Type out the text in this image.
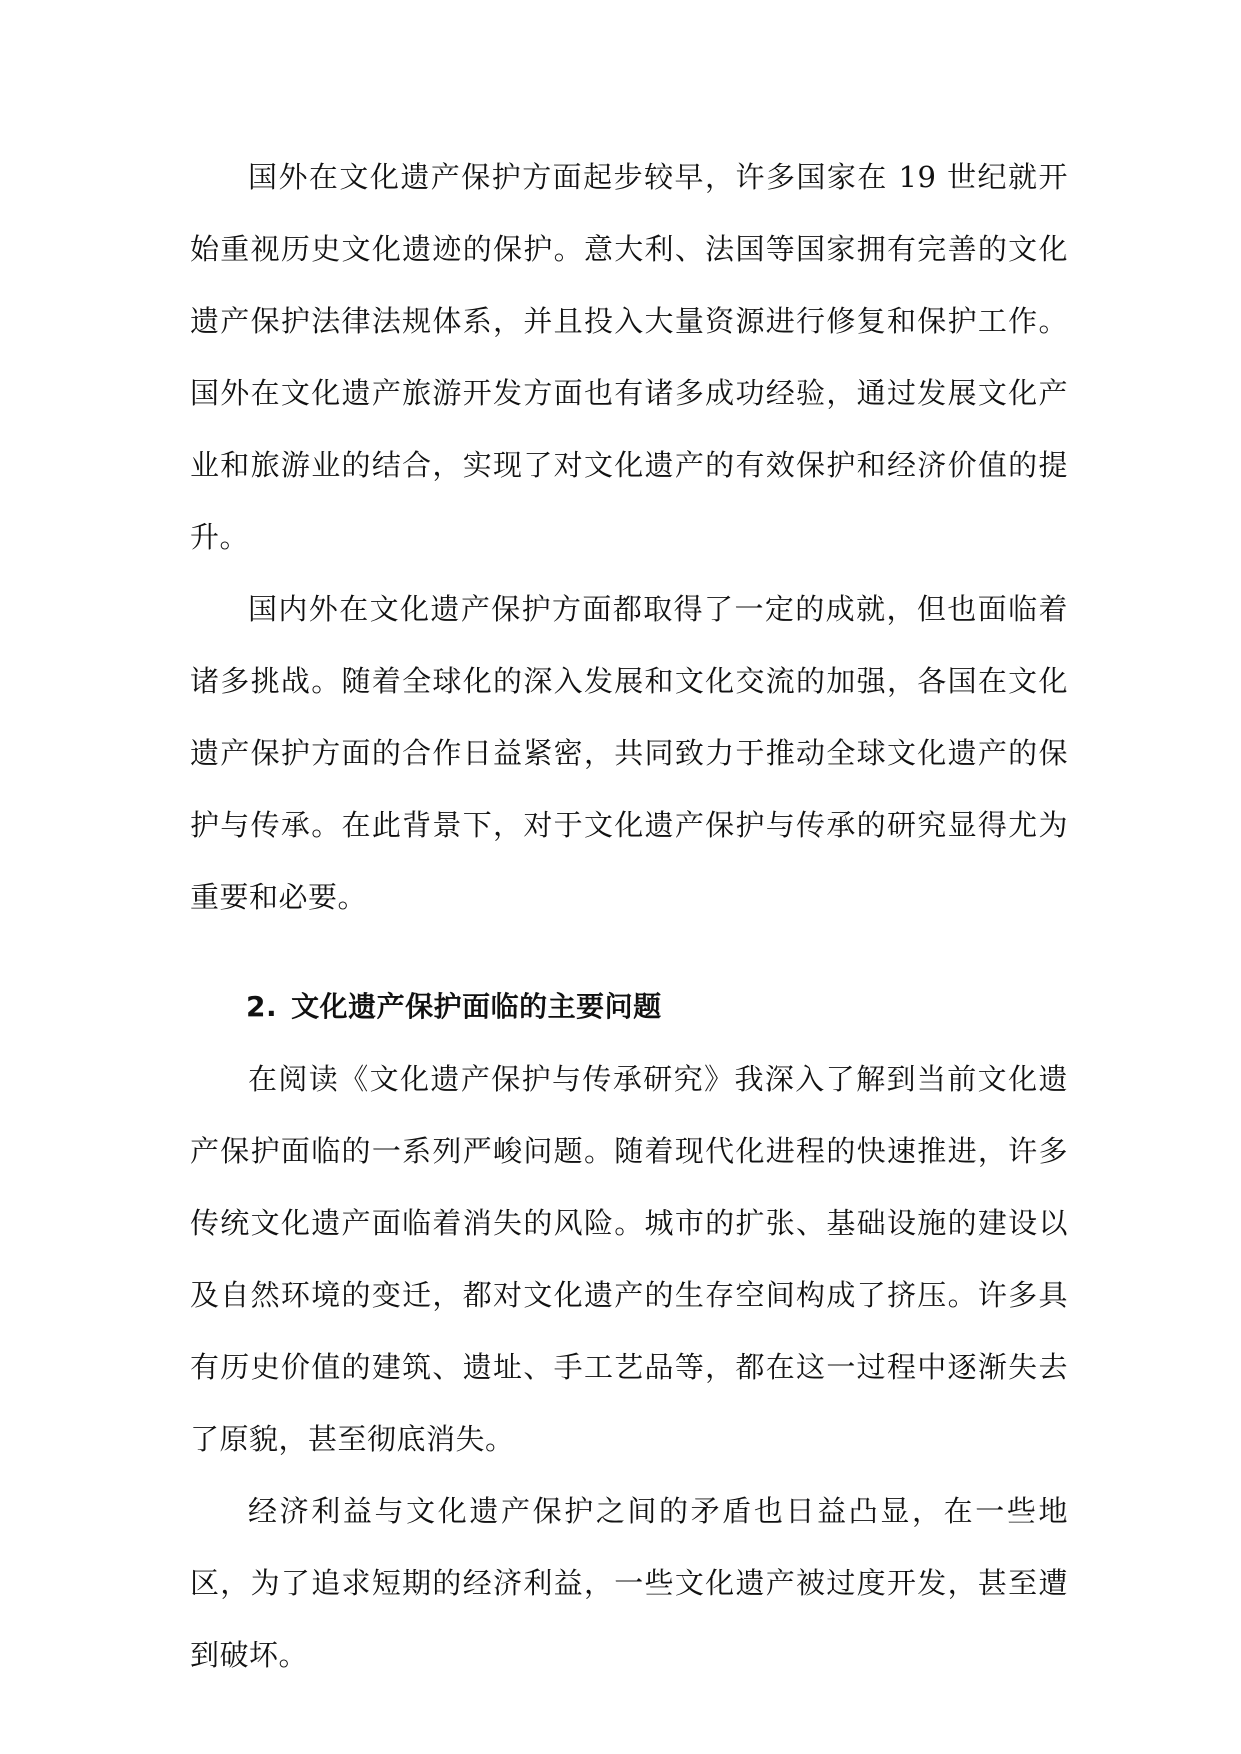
国外在文化遗产保护方面起步较早，许多国家在 19 世纪就开始重视历史文化遗迹的保护。意大利、法国等国家拥有完善的文化遗产保护法律法规体系，并且投入大量资源进行修复和保护工作。国外在文化遗产旅游开发方面也有诸多成功经验，通过发展文化产业和旅游业的结合，实现了对文化遗产的有效保护和经济价值的提升。

国内外在文化遗产保护方面都取得了一定的成就，但也面临着诸多挑战。随着全球化的深入发展和文化交流的加强，各国在文化遗产保护方面的合作日益紧密，共同致力于推动全球文化遗产的保护与传承。在此背景下，对于文化遗产保护与传承的研究显得尤为重要和必要。

2. 文化遗产保护面临的主要问题

在阅读《文化遗产保护与传承研究》我深入了解到当前文化遗产保护面临的一系列严峻问题。随着现代化进程的快速推进，许多传统文化遗产面临着消失的风险。城市的扩张、基础设施的建设以及自然环境的变迁，都对文化遗产的生存空间构成了挤压。许多具有历史价值的建筑、遗址、手工艺品等，都在这一过程中逐渐失去了原貌，甚至彻底消失。

经济利益与文化遗产保护之间的矛盾也日益凸显，在一些地区，为了追求短期的经济利益，一些文化遗产被过度开发，甚至遭到破坏。
